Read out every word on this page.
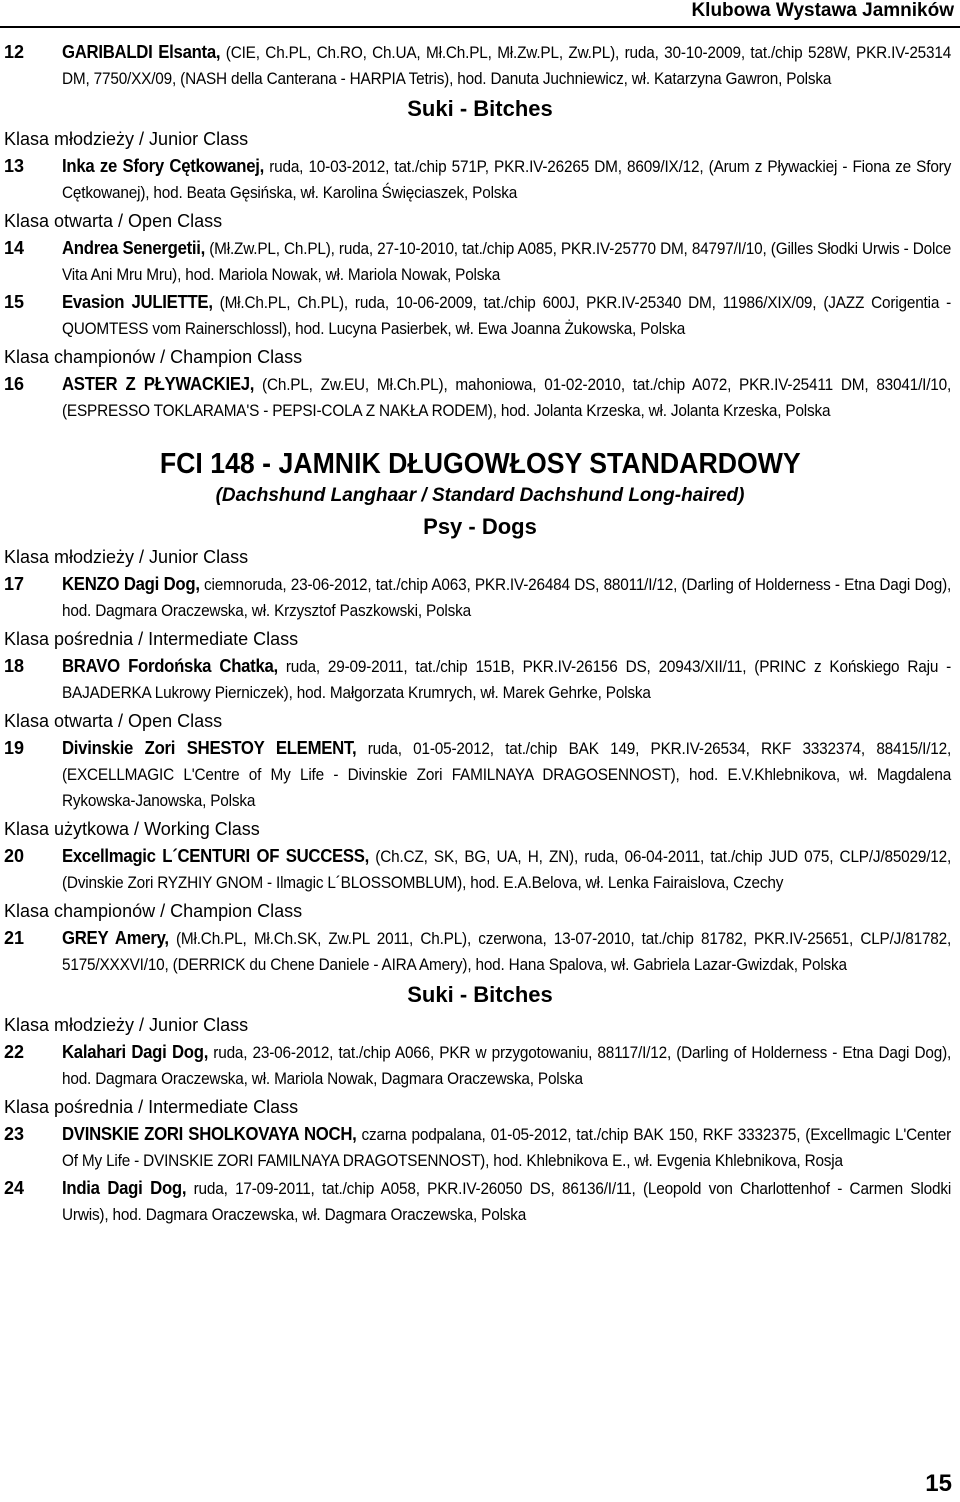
Klubowa Wystawa Jamników
12 GARIBALDI Elsanta, (CIE, Ch.PL, Ch.RO, Ch.UA, Mł.Ch.PL, Mł.Zw.PL, Zw.PL), ruda, 30-10-2009, tat./chip 528W, PKR.IV-25314 DM, 7750/XX/09, (NASH della Canterana - HARPIA Tetris), hod. Danuta Juchniewicz, wł. Katarzyna Gawron, Polska
Suki - Bitches
Klasa młodzieży / Junior Class
13 Inka ze Sfory Cętkowanej, ruda, 10-03-2012, tat./chip 571P, PKR.IV-26265 DM, 8609/IX/12, (Arum z Pływackiej - Fiona ze Sfory Cętkowanej), hod. Beata Gęsińska, wł. Karolina Święciaszek, Polska
Klasa otwarta / Open Class
14 Andrea Senergetii, (Mł.Zw.PL, Ch.PL), ruda, 27-10-2010, tat./chip A085, PKR.IV-25770 DM, 84797/I/10, (Gilles Słodki Urwis - Dolce Vita Ani Mru Mru), hod. Mariola Nowak, wł. Mariola Nowak, Polska
15 Evasion JULIETTE, (Mł.Ch.PL, Ch.PL), ruda, 10-06-2009, tat./chip 600J, PKR.IV-25340 DM, 11986/XIX/09, (JAZZ Corigentia - QUOMTESS vom Rainerschlossl), hod. Lucyna Pasierbek, wł. Ewa Joanna Żukowska, Polska
Klasa championów / Champion Class
16 ASTER Z PŁYWACKIEJ, (Ch.PL, Zw.EU, Mł.Ch.PL), mahoniowa, 01-02-2010, tat./chip A072, PKR.IV-25411 DM, 83041/I/10, (ESPRESSO TOKLARAMA'S - PEPSI-COLA Z NAKŁA RODEM), hod. Jolanta Krzeska, wł. Jolanta Krzeska, Polska
FCI 148 - JAMNIK DŁUGOWŁOSY STANDARDOWY
(Dachshund Langhaar / Standard Dachshund Long-haired)
Psy - Dogs
Klasa młodzieży / Junior Class
17 KENZO Dagi Dog, ciemnoruda, 23-06-2012, tat./chip A063, PKR.IV-26484 DS, 88011/I/12, (Darling of Holderness - Etna Dagi Dog), hod. Dagmara Oraczewska, wł. Krzysztof Paszkowski, Polska
Klasa pośrednia / Intermediate Class
18 BRAVO Fordońska Chatka, ruda, 29-09-2011, tat./chip 151B, PKR.IV-26156 DS, 20943/XII/11, (PRINC z Końskiego Raju - BAJADERKA Lukrowy Pierniczek), hod. Małgorzata Krumrych, wł. Marek Gehrke, Polska
Klasa otwarta / Open Class
19 Divinskie Zori SHESTOY ELEMENT, ruda, 01-05-2012, tat./chip BAK 149, PKR.IV-26534, RKF 3332374, 88415/I/12, (EXCELLMAGIC L'Centre of My Life - Divinskie Zori FAMILNAYA DRAGOSENNOST), hod. E.V.Khlebnikova, wł. Magdalena Rykowska-Janowska, Polska
Klasa użytkowa / Working Class
20 Excellmagic L´CENTURI OF SUCCESS, (Ch.CZ, SK, BG, UA, H, ZN), ruda, 06-04-2011, tat./chip JUD 075, CLP/J/85029/12, (Dvinskie Zori RYZHIY GNOM - Ilmagic L´BLOSSOMBLUM), hod. E.A.Belova, wł. Lenka Fairaislova, Czechy
Klasa championów / Champion Class
21 GREY Amery, (Mł.Ch.PL, Mł.Ch.SK, Zw.PL 2011, Ch.PL), czerwona, 13-07-2010, tat./chip 81782, PKR.IV-25651, CLP/J/81782, 5175/XXXVI/10, (DERRICK du Chene Daniele - AIRA Amery), hod. Hana Spalova, wł. Gabriela Lazar-Gwizdak, Polska
Suki - Bitches
Klasa młodzieży / Junior Class
22 Kalahari Dagi Dog, ruda, 23-06-2012, tat./chip A066, PKR w przygotowaniu, 88117/I/12, (Darling of Holderness - Etna Dagi Dog), hod. Dagmara Oraczewska, wł. Mariola Nowak, Dagmara Oraczewska, Polska
Klasa pośrednia / Intermediate Class
23 DVINSKIE ZORI SHOLKOVAYA NOCH, czarna podpalana, 01-05-2012, tat./chip BAK 150, RKF 3332375, (Excellmagic L'Center Of My Life - DVINSKIE ZORI FAMILNAYA DRAGOTSENNOST), hod. Khlebnikova E., wł. Evgenia Khlebnikova, Rosja
24 India Dagi Dog, ruda, 17-09-2011, tat./chip A058, PKR.IV-26050 DS, 86136/I/11, (Leopold von Charlottenhof - Carmen Slodki Urwis), hod. Dagmara Oraczewska, wł. Dagmara Oraczewska, Polska

15
